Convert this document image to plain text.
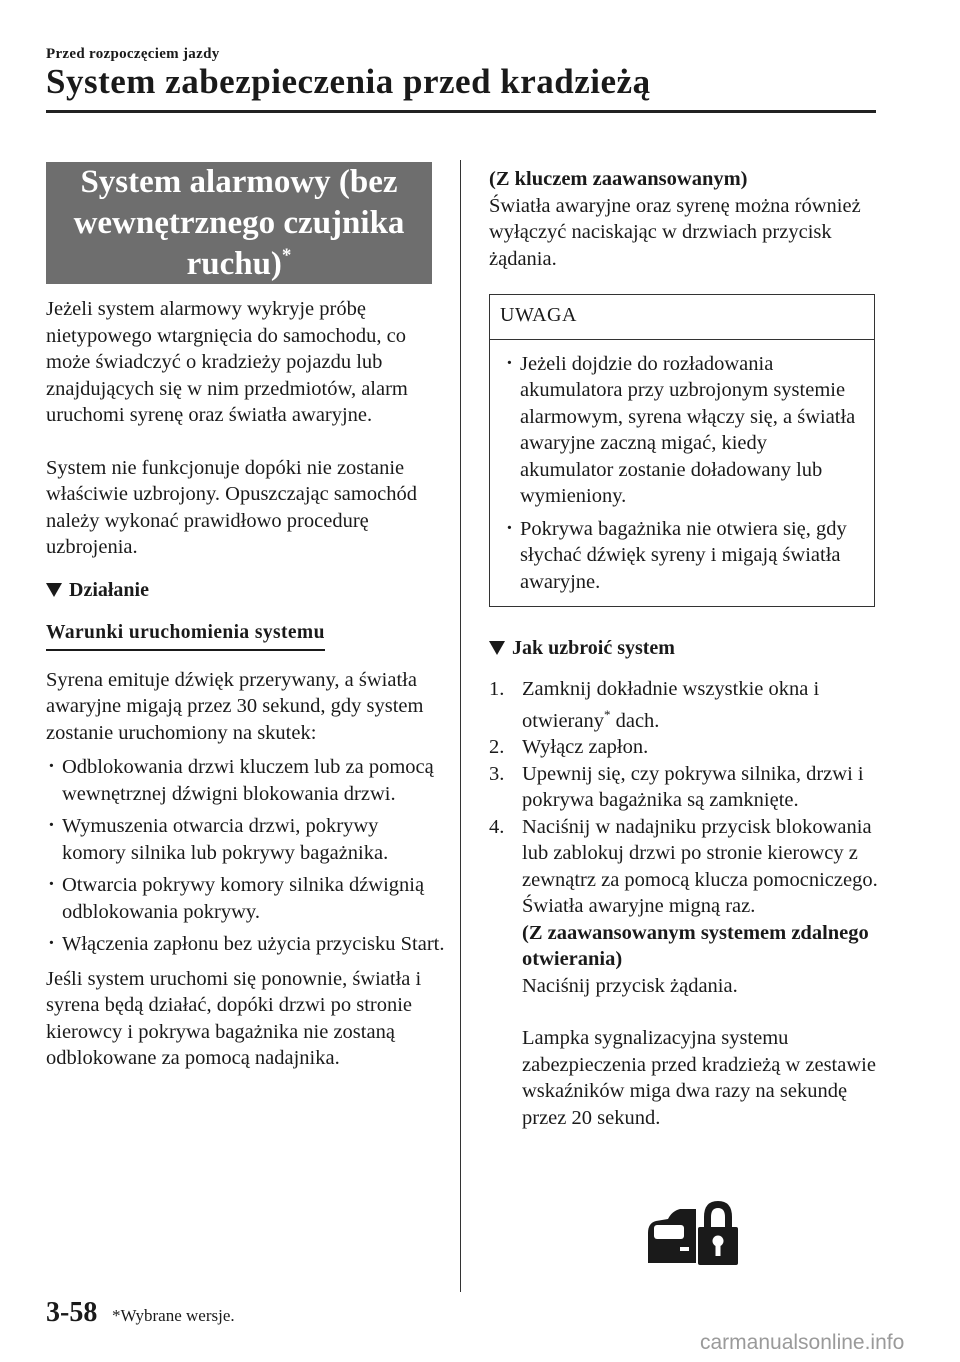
Przed rozpoczęciem jazdy
System zabezpieczenia przed kradzieżą
System alarmowy (bez
wewnętrznego czujnika
ruchu)*

Jeżeli system alarmowy wykryje próbę nietypowego wtargnięcia do samochodu, co może świadczyć o kradzieży pojazdu lub znajdujących się w nim przedmiotów, alarm uruchomi syrenę oraz światła awaryjne.

System nie funkcjonuje dopóki nie zostanie właściwie uzbrojony. Opuszczając samochód należy wykonać prawidłowo procedurę uzbrojenia.

Działanie
Warunki uruchomienia systemu

Syrena emituje dźwięk przerywany, a światła awaryjne migają przez 30 sekund, gdy system zostanie uruchomiony na skutek:

· Odblokowania drzwi kluczem lub za pomocą wewnętrznej dźwigni blokowania drzwi.
· Wymuszenia otwarcia drzwi, pokrywy komory silnika lub pokrywy bagażnika.
· Otwarcia pokrywy komory silnika dźwignią odblokowania pokrywy.
· Włączenia zapłonu bez użycia przycisku Start.

Jeśli system uruchomi się ponownie, światła i syrena będą działać, dopóki drzwi po stronie kierowcy i pokrywa bagażnika nie zostaną odblokowane za pomocą nadajnika.

(Z kluczem zaawansowanym)

Światła awaryjne oraz syrenę można również wyłączyć naciskając w drzwiach przycisk żądania.

UWAGA
· Jeżeli dojdzie do rozładowania akumulatora przy uzbrojonym systemie alarmowym, syrena włączy się, a światła awaryjne zaczną migać, kiedy akumulator zostanie doładowany lub wymieniony.
· Pokrywa bagażnika nie otwiera się, gdy słychać dźwięk syreny i migają światła awaryjne.
Jak uzbroić system
1. Zamknij dokładnie wszystkie okna i otwierany* dach.
2. Wyłącz zapłon.
3. Upewnij się, czy pokrywa silnika, drzwi i pokrywa bagażnika są zamknięte.
4. Naciśnij w nadajniku przycisk blokowania lub zablokuj drzwi po stronie kierowcy z zewnątrz za pomocą klucza pomocniczego.
Światła awaryjne migną raz.
(Z zaawansowanym systemem zdalnego otwierania)
Naciśnij przycisk żądania.
Lampka sygnalizacyjna systemu zabezpieczenia przed kradzieżą w zestawie wskaźników miga dwa razy na sekundę przez 20 sekund.
3-58 *Wybrane wersje.
carmanualsonline.info
